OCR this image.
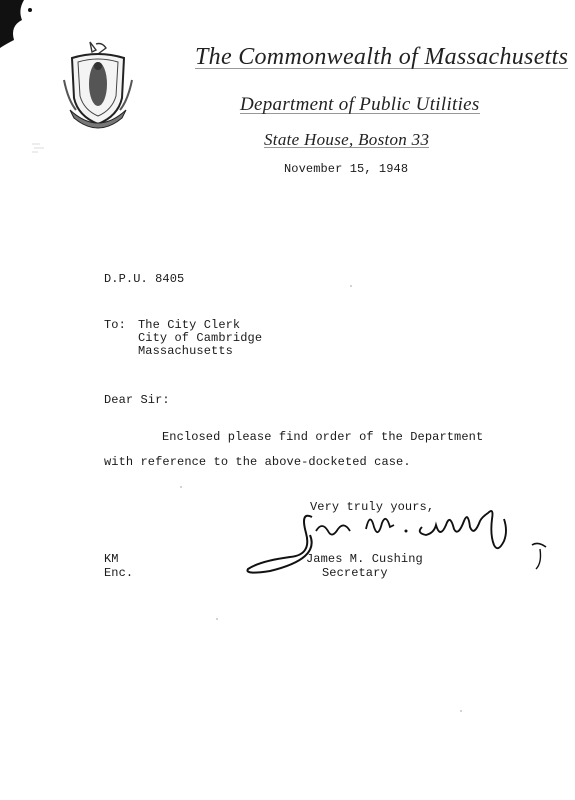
The Commonwealth of Massachusetts
Department of Public Utilities
State House, Boston 33
November 15, 1948
D.P.U. 8405
To: The City Clerk
City of Cambridge
Massachusetts
Dear Sir:
Enclosed please find order of the Department
with reference to the above-docketed case.
Very truly yours,
James M. Cushing
Secretary
KM
Enc.
